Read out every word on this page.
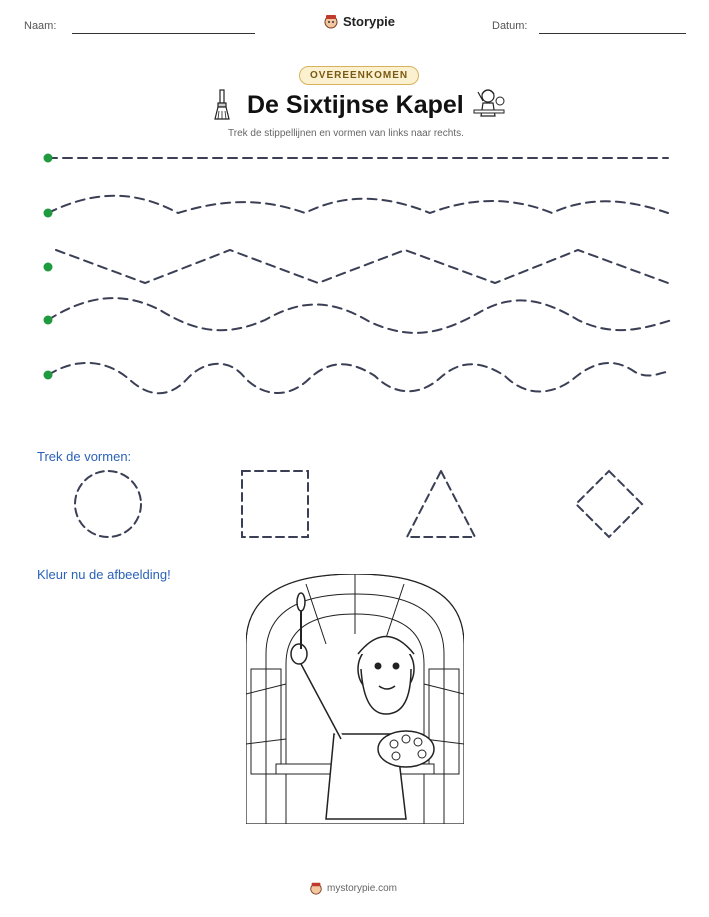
Naam:	Storypie	Datum:
OVEREENKOMEN
De Sixtijnse Kapel
Trek de stippellijnen en vormen van links naar rechts.
Trek de vormen:
Kleur nu de afbeelding!
mystorypie.com
